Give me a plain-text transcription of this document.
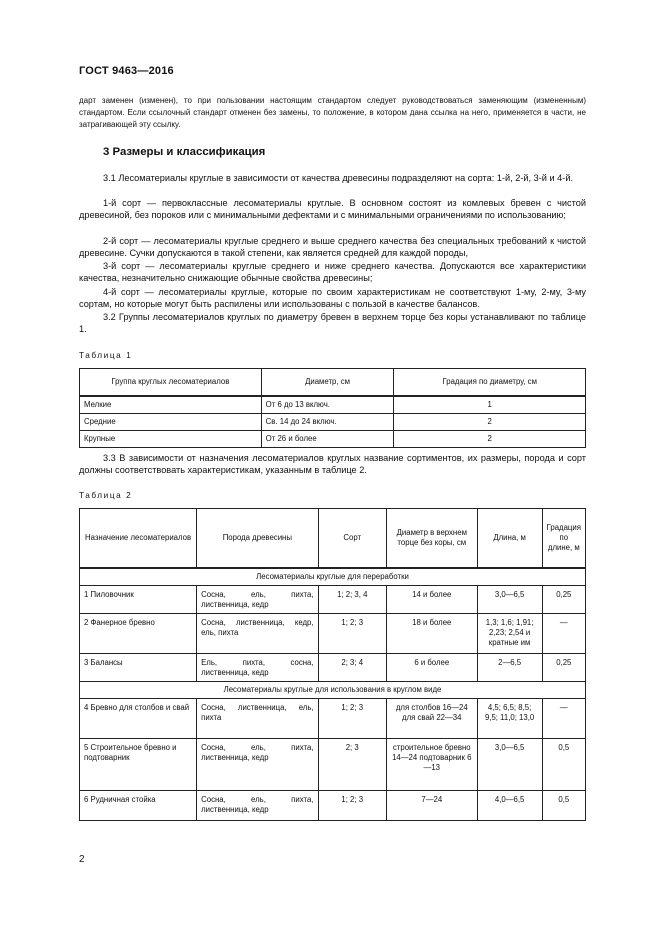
ГОСТ 9463—2016

дарт заменен (изменен), то при пользовании настоящим стандартом следует руководствоваться заменяющим (измененным) стандартом. Если ссылочный стандарт отменен без замены, то положение, в котором дана ссылка на него, применяется в части, не затрагивающей эту ссылку.

3 Размеры и классификация

3.1 Лесоматериалы круглые в зависимости от качества древесины подразделяют на сорта: 1-й, 2-й, 3-й и 4-й.

1-й сорт — первоклассные лесоматериалы круглые. В основном состоят из комлевых бревен с чистой древесиной, без пороков или с минимальными дефектами и с минимальными ограничениями по использованию;

2-й сорт — лесоматериалы круглые среднего и выше среднего качества без специальных требований к чистой древесине. Сучки допускаются в такой степени, как является средней для каждой породы,

3-й сорт — лесоматериалы круглые среднего и ниже среднего качества. Допускаются все характеристики качества, незначительно снижающие обычные свойства древесины;

4-й сорт — лесоматериалы круглые, которые по своим характеристикам не соответствуют 1-му, 2-му, 3-му сортам, но которые могут быть распилены или использованы с пользой в качестве балансов.

3.2 Группы лесоматериалов круглых по диаметру бревен в верхнем торце без коры устанавливают по таблице 1.

Таблица 1
Группа круглых лесоматериалов	Диаметр, см	Градация по диаметру, см
Мелкие	От 6 до 13 включ.	1
Средние	Св. 14 до 24 включ.	2
Крупные	От 26 и более	2

3.3 В зависимости от назначения лесоматериалов круглых название сортиментов, их размеры, порода и сорт должны соответствовать характеристикам, указанным в таблице 2.

Таблица 2
Назначение лесоматериалов	Порода древесины	Сорт	Диаметр в верхнем торце без коры, см	Длина, м	Градация по длине, м
Лесоматериалы круглые для переработки					
1 Пиловочник	Сосна, ель, пихта, лиственница, кедр	1; 2; 3, 4	14 и более	3,0—6,5	0,25
2 Фанерное бревно	Сосна, лиственница, кедр, ель, пихта	1; 2; 3	18 и более	1,3; 1,6; 1,91; 2,23; 2,54 и кратные им	—
3 Балансы	Ель, пихта, сосна, лиственница, кедр	2; 3; 4	6 и более	2—6,5	0,25
Лесоматериалы круглые для использования в круглом виде					
4 Бревно для столбов и свай	Сосна, лиственница, ель, пихта	1; 2; 3	для столбов 16—24 для свай 22—34	4,5; 6,5; 8,5; 9,5; 11,0; 13,0	—
5 Строительное бревно и подтоварник	Сосна, ель, пихта, лиственница, кедр	2; 3	строительное бревно 14—24 подтоварник 6—13	3,0—6,5	0,5
6 Рудничная стойка	Сосна, ель, пихта, лиственница, кедр	1; 2; 3	7—24	4,0—6,5	0,5
2
